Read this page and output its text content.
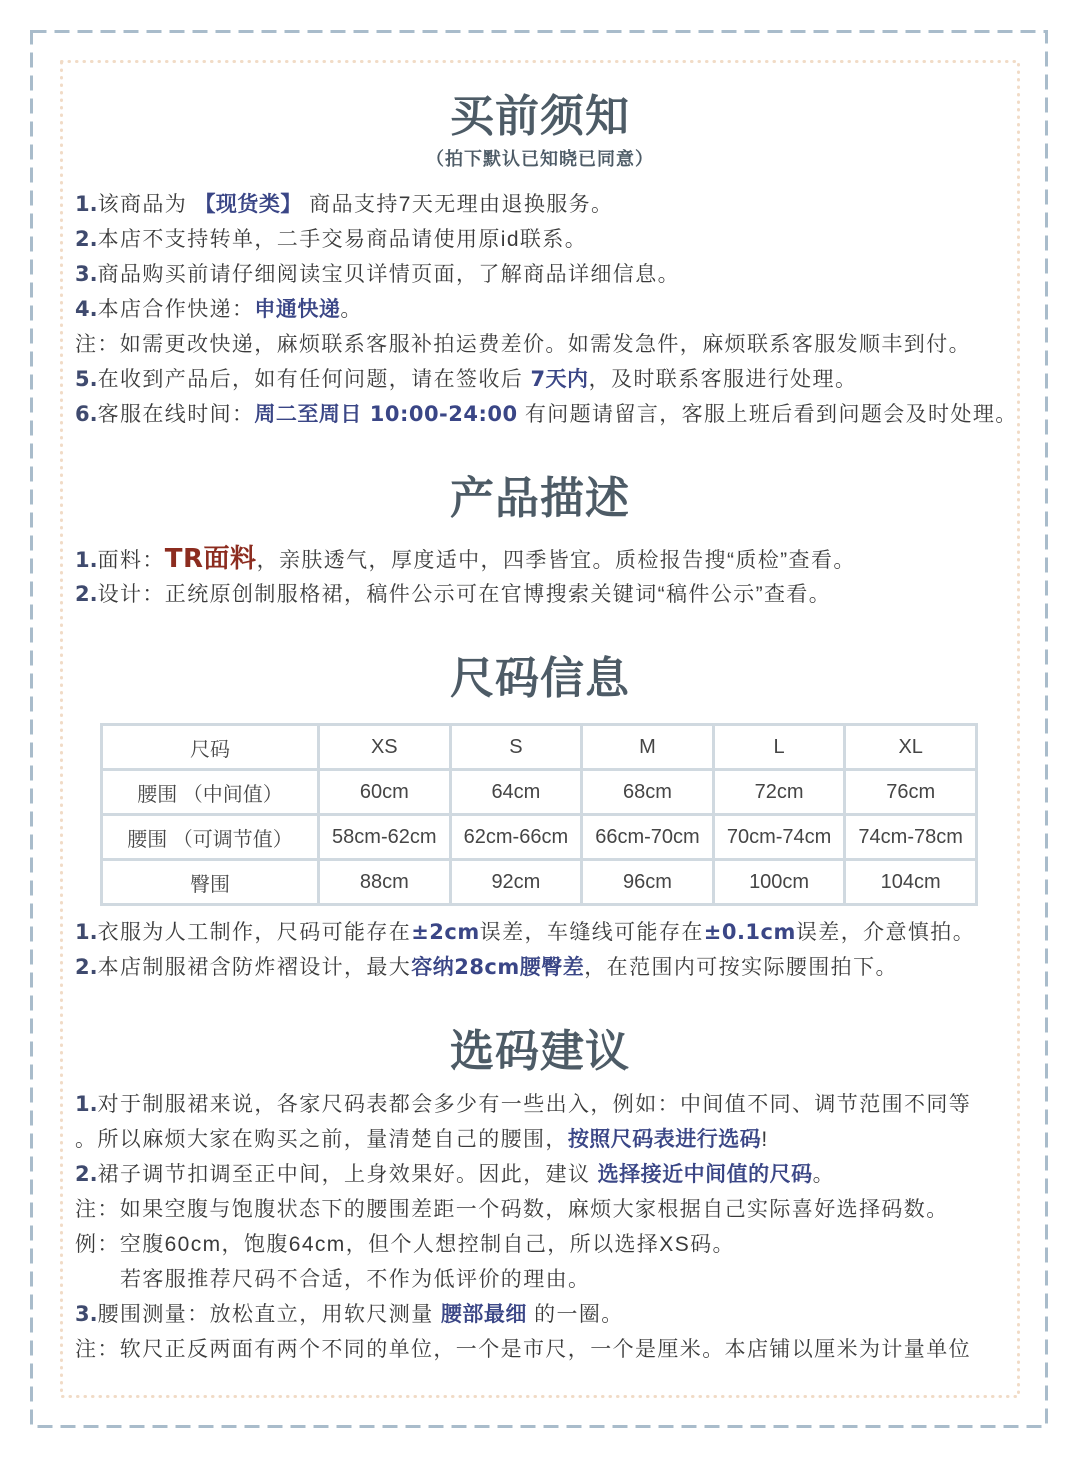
买前须知
（拍下默认已知晓已同意）
1.该商品为 【现货类】 商品支持7天无理由退换服务。
2.本店不支持转单，二手交易商品请使用原id联系。
3.商品购买前请仔细阅读宝贝详情页面，了解商品详细信息。
4.本店合作快递：申通快递。
注：如需更改快递，麻烦联系客服补拍运费差价。如需发急件，麻烦联系客服发顺丰到付。
5.在收到产品后，如有任何问题，请在签收后 7天内，及时联系客服进行处理。
6.客服在线时间：周二至周日 10:00-24:00 有问题请留言，客服上班后看到问题会及时处理。
产品描述
1.面料：TR面料，亲肤透气，厚度适中，四季皆宜。质检报告搜“质检”查看。
2.设计：正统原创制服格裙，稿件公示可在官博搜索关键词“稿件公示”查看。
尺码信息
尺码	XS	S	M	L	XL
腰围 （中间值）	60cm	64cm	68cm	72cm	76cm
腰围 （可调节值）	58cm-62cm	62cm-66cm	66cm-70cm	70cm-74cm	74cm-78cm
臀围	88cm	92cm	96cm	100cm	104cm
1.衣服为人工制作，尺码可能存在±2cm误差，车缝线可能存在±0.1cm误差，介意慎拍。
2.本店制服裙含防炸褶设计，最大容纳28cm腰臀差，在范围内可按实际腰围拍下。
选码建议
1.对于制服裙来说，各家尺码表都会多少有一些出入，例如：中间值不同、调节范围不同等
。所以麻烦大家在购买之前，量清楚自己的腰围，按照尺码表进行选码!
2.裙子调节扣调至正中间，上身效果好。因此，建议 选择接近中间值的尺码。
注：如果空腹与饱腹状态下的腰围差距一个码数，麻烦大家根据自己实际喜好选择码数。
例：空腹60cm，饱腹64cm，但个人想控制自己，所以选择XS码。
若客服推荐尺码不合适，不作为低评价的理由。
3.腰围测量：放松直立，用软尺测量 腰部最细 的一圈。
注：软尺正反两面有两个不同的单位，一个是市尺，一个是厘米。本店铺以厘米为计量单位
